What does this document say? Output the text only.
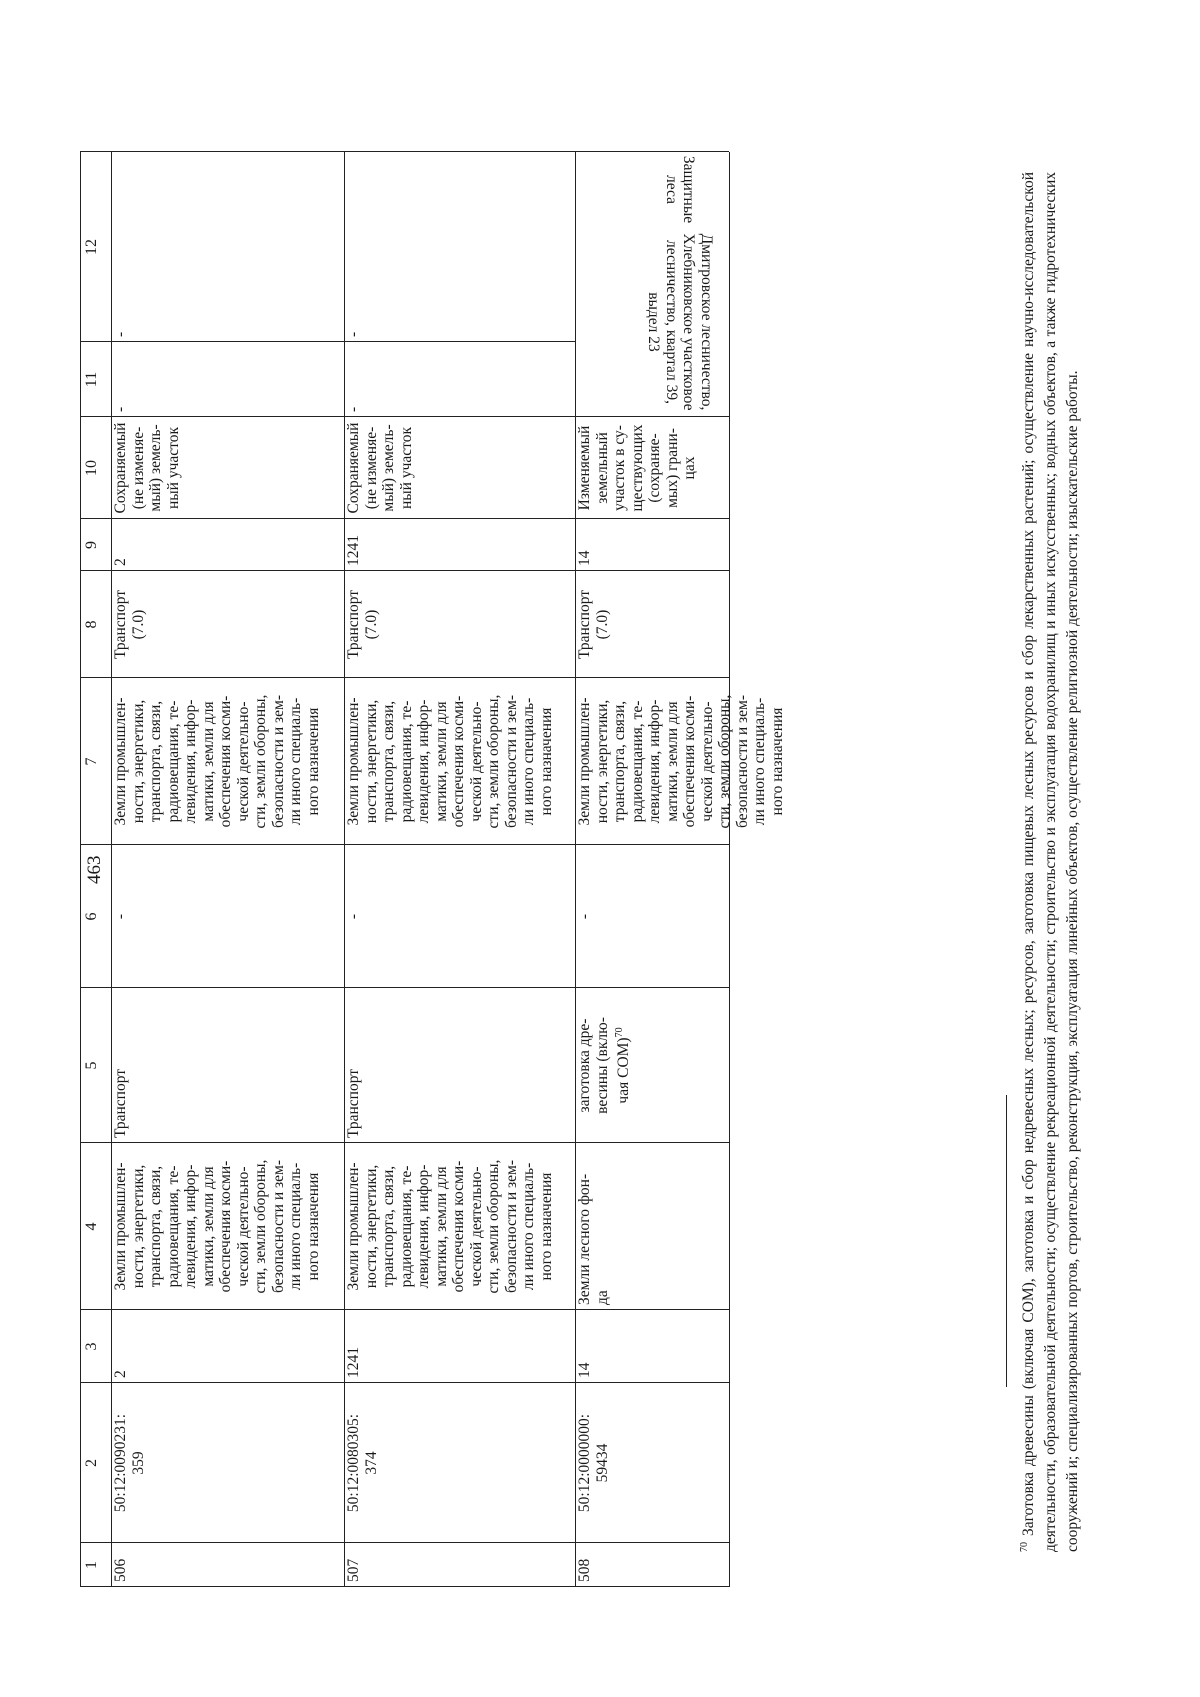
463
1
2
3
4
5
6
7
8
9
10
11
12
506
50:12:0090231:
359
2
Земли промышлен-
ности, энергетики,
транспорта, связи,
радиовещания, те-
левидения, инфор-
матики, земли для
обеспечения косми-
ческой деятельно-
сти, земли обороны,
безопасности и зем-
ли иного специаль-
ного назначения
Транспорт
-
Земли промышлен-
ности, энергетики,
транспорта, связи,
радиовещания, те-
левидения, инфор-
матики, земли для
обеспечения косми-
ческой деятельно-
сти, земли обороны,
безопасности и зем-
ли иного специаль-
ного назначения
Транспорт
(7.0)
2
Сохраняемый
(не изменяе-
мый) земель-
ный участок
-
-
507
50:12:0080305:
374
1241
Земли промышлен-
ности, энергетики,
транспорта, связи,
радиовещания, те-
левидения, инфор-
матики, земли для
обеспечения косми-
ческой деятельно-
сти, земли обороны,
безопасности и зем-
ли иного специаль-
ного назначения
Транспорт
-
Земли промышлен-
ности, энергетики,
транспорта, связи,
радиовещания, те-
левидения, инфор-
матики, земли для
обеспечения косми-
ческой деятельно-
сти, земли обороны,
безопасности и зем-
ли иного специаль-
ного назначения
Транспорт
(7.0)
1241
Сохраняемый
(не изменяе-
мый) земель-
ный участок
-
-
508
50:12:0000000:
59434
14
Земли лесного фон-
да
заготовка дре-
весины (вклю-
чая СОМ)$^{70}$
-
Земли промышлен-
ности, энергетики,
транспорта, связи,
радиовещания, те-
левидения, инфор-
матики, земли для
обеспечения косми-
ческой деятельно-
сти, земли обороны,
безопасности и зем-
ли иного специаль-
ного назначения
Транспорт
(7.0)
14
Изменяемый
земельный
участок в су-
ществующих
(сохраняе-
мых) грани-
цах
Защитные леса
Дмитровское лесничество,
Хлебниковское участковое
лесничество, квартал 39,
выдел 23
$^{70}$ Заготовка древесины (включая СОМ), заготовка и сбор недревесных лесных; ресурсов, заготовка пищевых лесных ресурсов и сбор лекарственных растений; осуществление научно-исследовательской деятельности, образовательной деятельности; осуществление рекреационной деятельности; строительство и эксплуатация водохранилищ и иных искусственных; водных объектов, а также гидротехнических сооружений и; специализированных портов, строительство, реконструкция, эксплуатация линейных объектов, осуществление религиозной деятельности; изыскательские работы.
